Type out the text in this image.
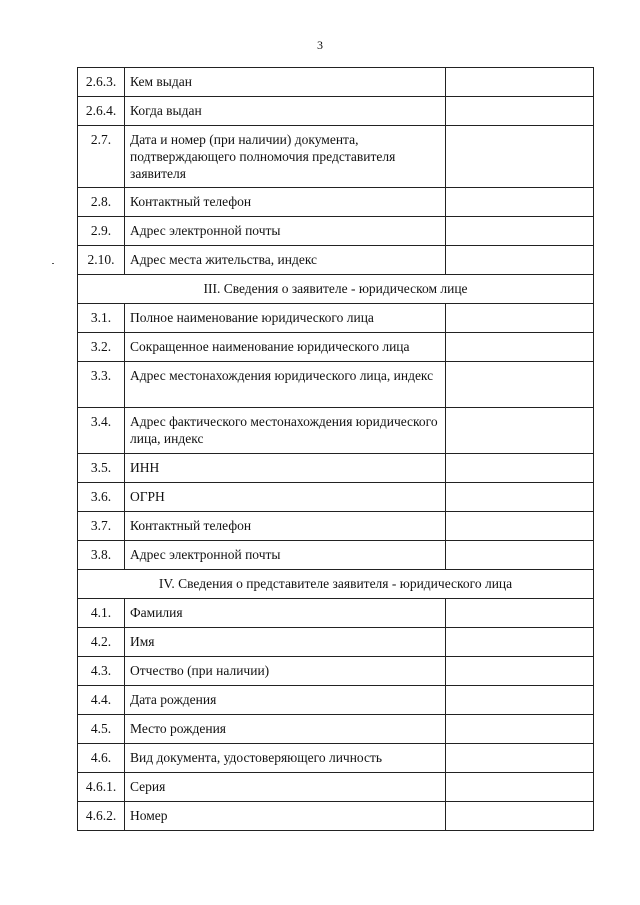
3
2.6.3.	Кем выдан	
2.6.4.	Когда выдан	
2.7.	Дата и номер (при наличии) документа, подтверждающего полномочия представителя заявителя	
2.8.	Контактный телефон	
2.9.	Адрес электронной почты	
2.10.	Адрес места жительства, индекс	
III. Сведения о заявителе - юридическом лице		
3.1.	Полное наименование юридического лица	
3.2.	Сокращенное наименование юридического лица	
3.3.	Адрес местонахождения юридического лица, индекс	
3.4.	Адрес фактического местонахождения юридического лица, индекс	
3.5.	ИНН	
3.6.	ОГРН	
3.7.	Контактный телефон	
3.8.	Адрес электронной почты	
IV. Сведения о представителе заявителя - юридического лица		
4.1.	Фамилия	
4.2.	Имя	
4.3.	Отчество (при наличии)	
4.4.	Дата рождения	
4.5.	Место рождения	
4.6.	Вид документа, удостоверяющего личность	
4.6.1.	Серия	
4.6.2.	Номер	
